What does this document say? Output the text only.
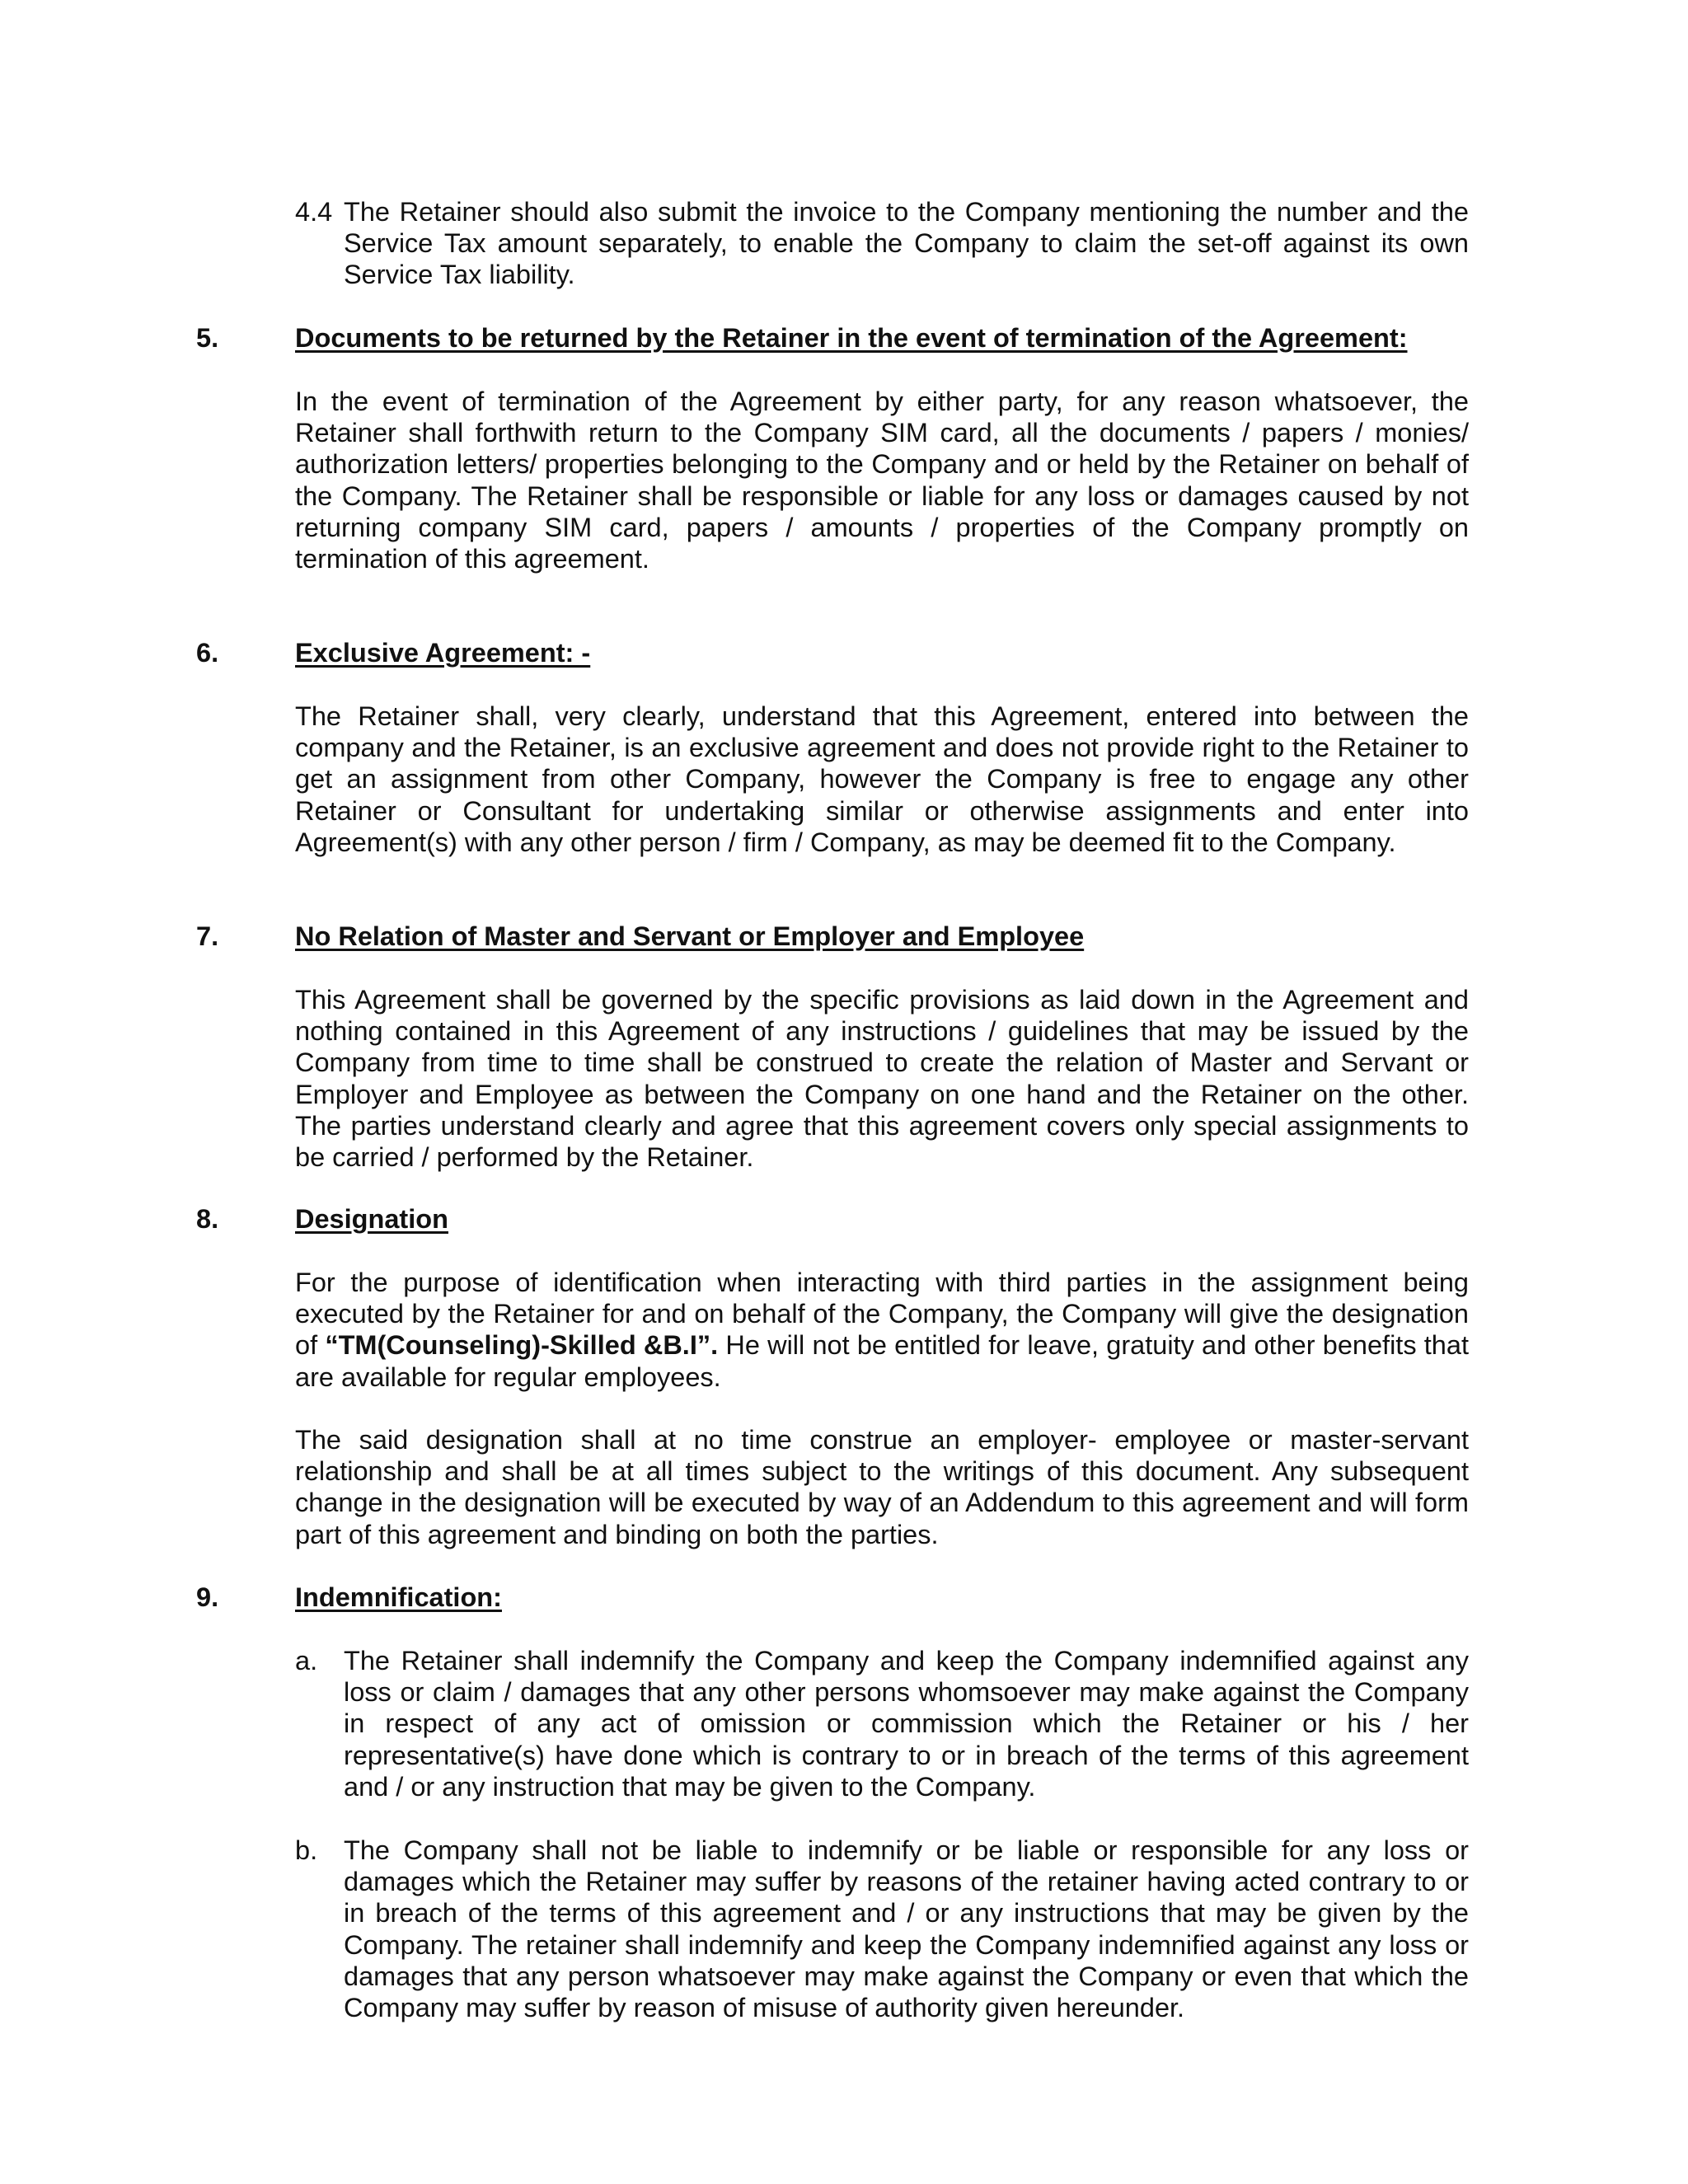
4.4 The Retainer should also submit the invoice to the Company mentioning the number and the Service Tax amount separately, to enable the Company to claim the set-off against its own Service Tax liability.
5.	Documents to be returned by the Retainer in the event of termination of the Agreement:

In the event of termination of the Agreement by either party, for any reason whatsoever, the Retainer shall forthwith return to the Company SIM card, all the documents / papers / monies/ authorization letters/ properties belonging to the Company and or held by the Retainer on behalf of the Company. The Retainer shall be responsible or liable for any loss or damages caused by not returning company SIM card, papers / amounts / properties of the Company promptly on termination of this agreement.

6.	Exclusive Agreement: -

The Retainer shall, very clearly, understand that this Agreement, entered into between the company and the Retainer, is an exclusive agreement and does not provide right to the Retainer to get an assignment from other Company, however the Company is free to engage any other Retainer or Consultant for undertaking similar or otherwise assignments and enter into Agreement(s) with any other person / firm / Company, as may be deemed fit to the Company.

7.	No Relation of Master and Servant or Employer and Employee

This Agreement shall be governed by the specific provisions as laid down in the Agreement and nothing contained in this Agreement of any instructions / guidelines that may be issued by the Company from time to time shall be construed to create the relation of Master and Servant or Employer and Employee as between the Company on one hand and the Retainer on the other. The parties understand clearly and agree that this agreement covers only special assignments to be carried / performed by the Retainer.

8.	Designation

For the purpose of identification when interacting with third parties in the assignment being executed by the Retainer for and on behalf of the Company, the Company will give the designation of “TM(Counseling)-Skilled &B.I”. He will not be entitled for leave, gratuity and other benefits that are available for regular employees.

The said designation shall at no time construe an employer- employee or master-servant relationship and shall be at all times subject to the writings of this document. Any subsequent change in the designation will be executed by way of an Addendum to this agreement and will form part of this agreement and binding on both the parties.

9.	Indemnification:
a. The Retainer shall indemnify the Company and keep the Company indemnified against any loss or claim / damages that any other persons whomsoever may make against the Company in respect of any act of omission or commission which the Retainer or his / her representative(s) have done which is contrary to or in breach of the terms of this agreement and / or any instruction that may be given to the Company.
b. The Company shall not be liable to indemnify or be liable or responsible for any loss or damages which the Retainer may suffer by reasons of the retainer having acted contrary to or in breach of the terms of this agreement and / or any instructions that may be given by the Company. The retainer shall indemnify and keep the Company indemnified against any loss or damages that any person whatsoever may make against the Company or even that which the Company may suffer by reason of misuse of authority given hereunder.
